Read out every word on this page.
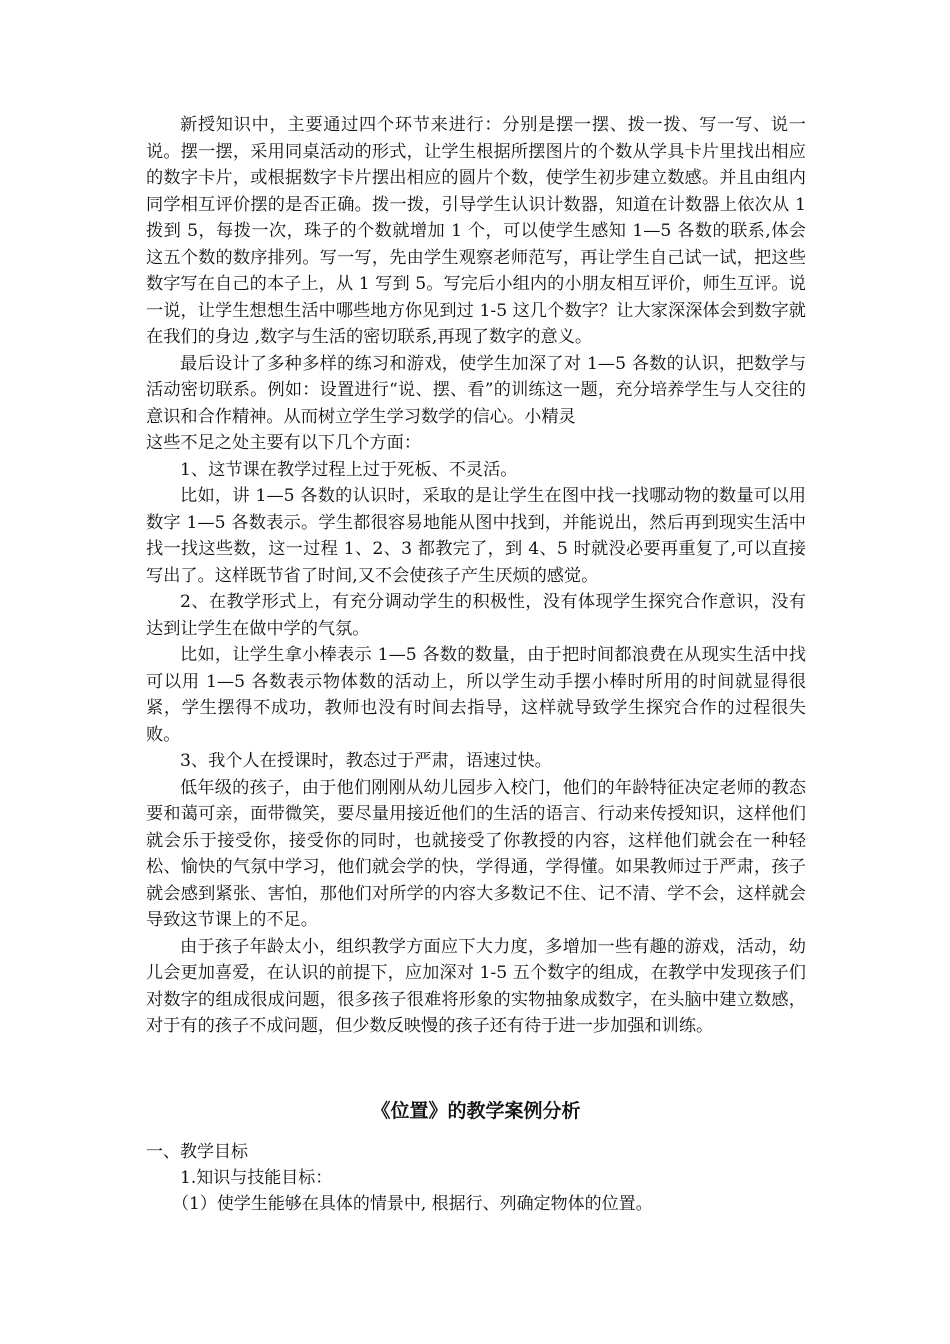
新授知识中，主要通过四个环节来进行：分别是摆一摆、拨一拨、写一写、说一说。摆一摆，采用同桌活动的形式，让学生根据所摆图片的个数从学具卡片里找出相应的数字卡片，或根据数字卡片摆出相应的圆片个数，使学生初步建立数感。并且由组内同学相互评价摆的是否正确。拨一拨，引导学生认识计数器，知道在计数器上依次从 1 拨到 5，每拨一次，珠子的个数就增加 1 个，可以使学生感知 1—5 各数的联系,体会这五个数的数序排列。写一写，先由学生观察老师范写，再让学生自己试一试，把这些数字写在自己的本子上，从 1 写到 5。写完后小组内的小朋友相互评价，师生互评。说一说，让学生想想生活中哪些地方你见到过 1-5 这几个数字？让大家深深体会到数字就在我们的身边 ,数字与生活的密切联系,再现了数字的意义。

最后设计了多种多样的练习和游戏，使学生加深了对 1—5 各数的认识，把数学与活动密切联系。例如：设置进行“说、摆、看”的训练这一题，充分培养学生与人交往的意识和合作精神。从而树立学生学习数学的信心。小精灵

这些不足之处主要有以下几个方面：

1、这节课在教学过程上过于死板、不灵活。

比如，讲 1—5 各数的认识时，采取的是让学生在图中找一找哪动物的数量可以用数字 1—5 各数表示。学生都很容易地能从图中找到，并能说出，然后再到现实生活中找一找这些数，这一过程 1、2、3 都教完了，到 4、5 时就没必要再重复了,可以直接写出了。这样既节省了时间,又不会使孩子产生厌烦的感觉。

2、在教学形式上，有充分调动学生的积极性，没有体现学生探究合作意识，没有达到让学生在做中学的气氛。

比如，让学生拿小棒表示 1—5 各数的数量，由于把时间都浪费在从现实生活中找可以用 1—5 各数表示物体数的活动上，所以学生动手摆小棒时所用的时间就显得很紧，学生摆得不成功，教师也没有时间去指导，这样就导致学生探究合作的过程很失败。

3、我个人在授课时，教态过于严肃，语速过快。

低年级的孩子，由于他们刚刚从幼儿园步入校门，他们的年龄特征决定老师的教态要和蔼可亲，面带微笑，要尽量用接近他们的生活的语言、行动来传授知识，这样他们就会乐于接受你，接受你的同时，也就接受了你教授的内容，这样他们就会在一种轻松、愉快的气氛中学习，他们就会学的快，学得通，学得懂。如果教师过于严肃，孩子就会感到紧张、害怕，那他们对所学的内容大多数记不住、记不清、学不会，这样就会导致这节课上的不足。

由于孩子年龄太小，组织教学方面应下大力度，多增加一些有趣的游戏，活动，幼儿会更加喜爱，在认识的前提下，应加深对 1-5 五个数字的组成，在教学中发现孩子们对数字的组成很成问题，很多孩子很难将形象的实物抽象成数字，在头脑中建立数感，对于有的孩子不成问题，但少数反映慢的孩子还有待于进一步加强和训练。

《位置》的教学案例分析

一、教学目标

1.知识与技能目标：

（1）使学生能够在具体的情景中, 根据行、列确定物体的位置。
